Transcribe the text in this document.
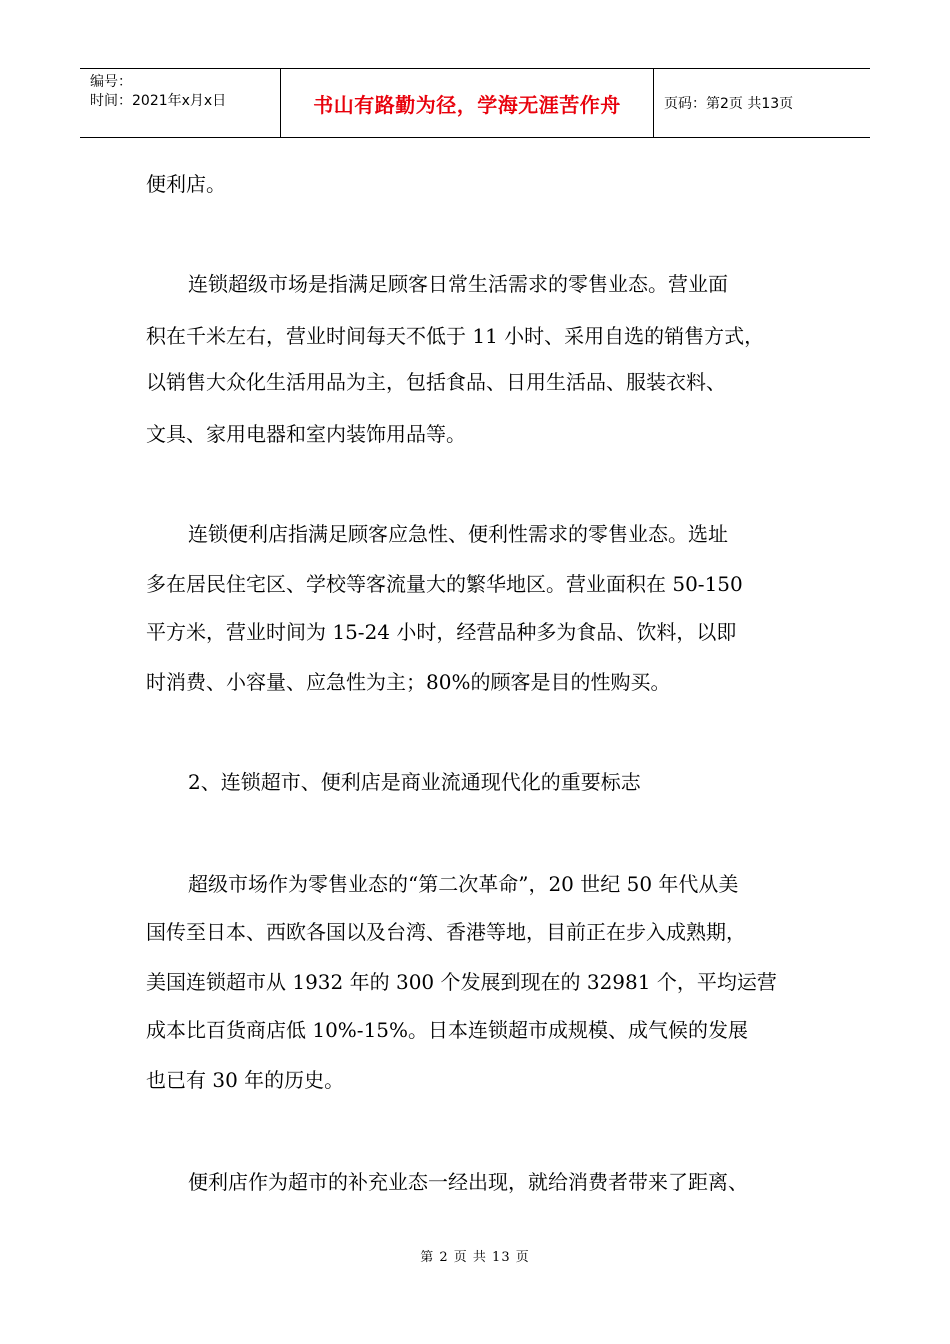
编号：
时间：2021年x月x日	书山有路勤为径，学海无涯苦作舟	页码：第2页 共13页

便利店。

连锁超级市场是指满足顾客日常生活需求的零售业态。营业面

积在千米左右，营业时间每天不低于 11 小时、采用自选的销售方式，

以销售大众化生活用品为主，包括食品、日用生活品、服装衣料、

文具、家用电器和室内装饰用品等。

连锁便利店指满足顾客应急性、便利性需求的零售业态。选址

多在居民住宅区、学校等客流量大的繁华地区。营业面积在 50-150

平方米，营业时间为 15-24 小时，经营品种多为食品、饮料，以即

时消费、小容量、应急性为主；80%的顾客是目的性购买。

2、连锁超市、便利店是商业流通现代化的重要标志

超级市场作为零售业态的“第二次革命”，20 世纪 50 年代从美

国传至日本、西欧各国以及台湾、香港等地，目前正在步入成熟期，

美国连锁超市从 1932 年的 300 个发展到现在的 32981 个，平均运营

成本比百货商店低 10%-15%。日本连锁超市成规模、成气候的发展

也已有 30 年的历史。

便利店作为超市的补充业态一经出现，就给消费者带来了距离、

第 2 页 共 13 页
